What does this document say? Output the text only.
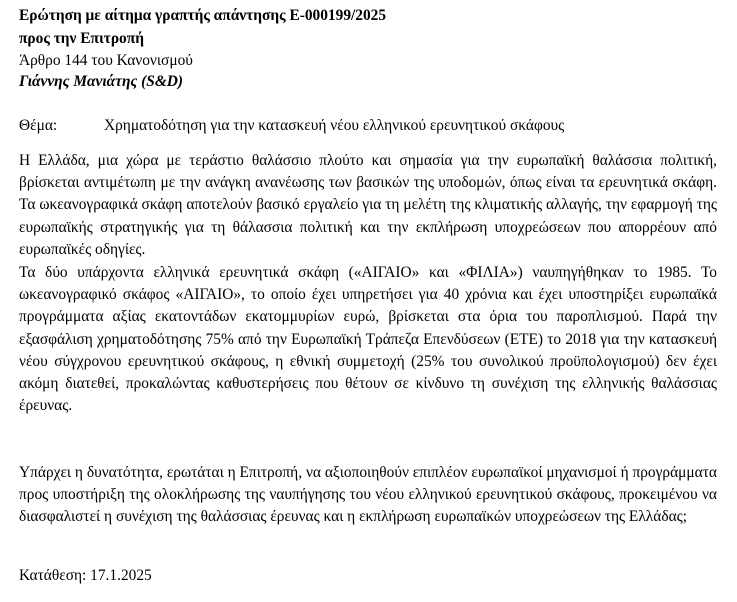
Ερώτηση με αίτημα γραπτής απάντησης E-000199/2025
προς την Επιτροπή
Άρθρο 144 του Κανονισμού
Γιάννης Μανιάτης (S&D)
Θέμα:	Χρηματοδότηση για την κατασκευή νέου ελληνικού ερευνητικού σκάφους

Η Ελλάδα, μια χώρα με τεράστιο θαλάσσιο πλούτο και σημασία για την ευρωπαϊκή θαλάσσια πολιτική, βρίσκεται αντιμέτωπη με την ανάγκη ανανέωσης των βασικών της υποδομών, όπως είναι τα ερευνητικά σκάφη. Τα ωκεανογραφικά σκάφη αποτελούν βασικό εργαλείο για τη μελέτη της κλιματικής αλλαγής, την εφαρμογή της ευρωπαϊκής στρατηγικής για τη θάλασσια πολιτική και την εκπλήρωση υποχρεώσεων που απορρέουν από ευρωπαϊκές οδηγίες.

Τα δύο υπάρχοντα ελληνικά ερευνητικά σκάφη («ΑΙΓΑΙΟ» και «ΦΙΛΙΑ») ναυπηγήθηκαν το 1985. Το ωκεανογραφικό σκάφος «ΑΙΓΑΙΟ», το οποίο έχει υπηρετήσει για 40 χρόνια και έχει υποστηρίξει ευρωπαϊκά προγράμματα αξίας εκατοντάδων εκατομμυρίων ευρώ, βρίσκεται στα όρια του παροπλισμού. Παρά την εξασφάλιση χρηματοδότησης 75% από την Ευρωπαϊκή Τράπεζα Επενδύσεων (ΕΤΕ) το 2018 για την κατασκευή νέου σύγχρονου ερευνητικού σκάφους, η εθνική συμμετοχή (25% του συνολικού προϋπολογισμού) δεν έχει ακόμη διατεθεί, προκαλώντας καθυστερήσεις που θέτουν σε κίνδυνο τη συνέχιση της ελληνικής θαλάσσιας έρευνας.

Υπάρχει η δυνατότητα, ερωτάται η Επιτροπή, να αξιοποιηθούν επιπλέον ευρωπαϊκοί μηχανισμοί ή προγράμματα προς υποστήριξη της ολοκλήρωσης της ναυπήγησης του νέου ελληνικού ερευνητικού σκάφους, προκειμένου να διασφαλιστεί η συνέχιση της θαλάσσιας έρευνας και η εκπλήρωση ευρωπαϊκών υποχρεώσεων της Ελλάδας;

Κατάθεση: 17.1.2025
